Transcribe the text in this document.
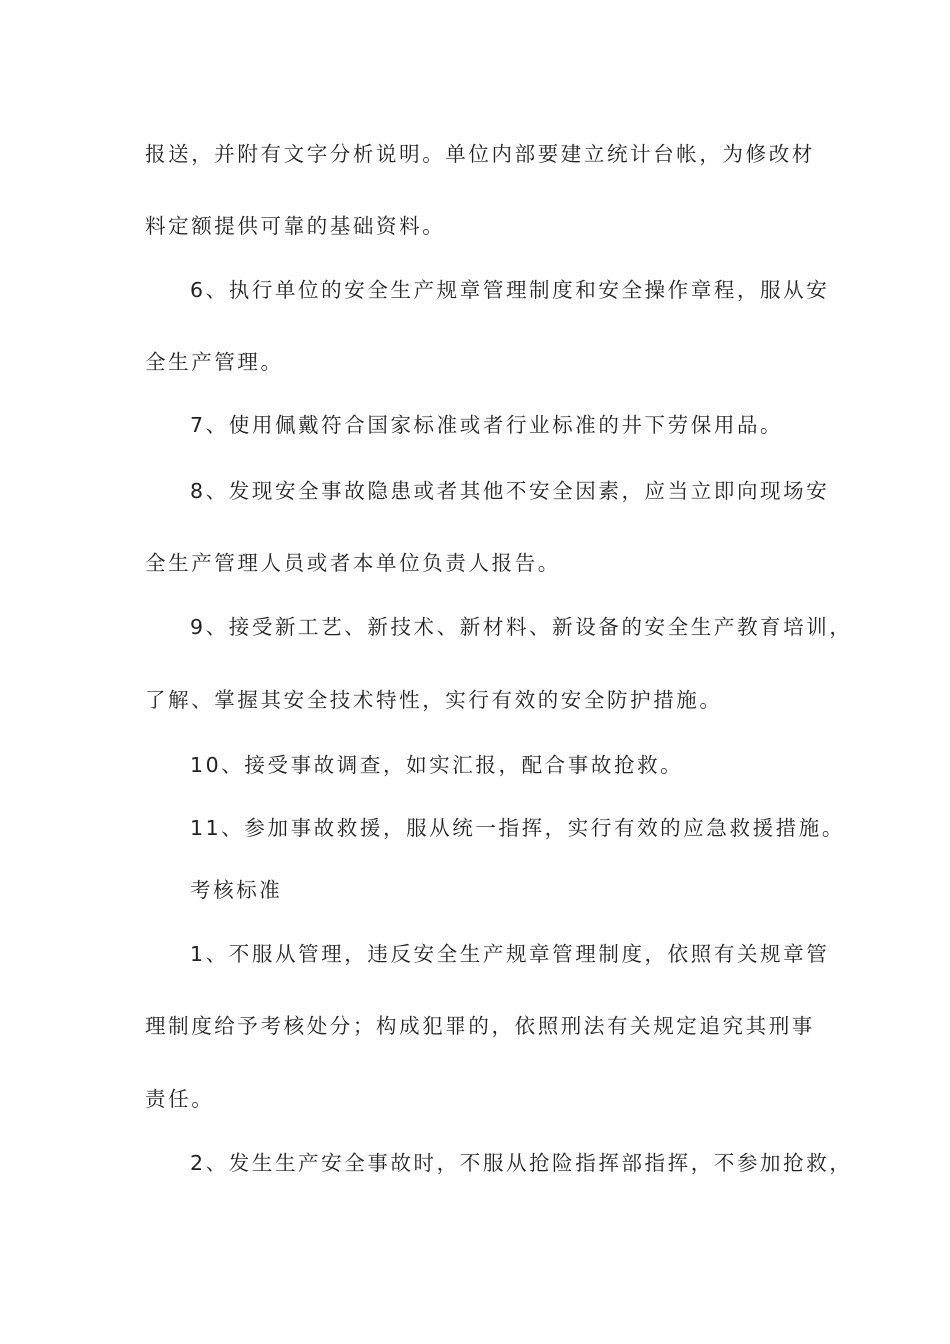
报送，并附有文字分析说明。单位内部要建立统计台帐，为修改材

料定额提供可靠的基础资料。

6、执行单位的安全生产规章管理制度和安全操作章程，服从安

全生产管理。

7、使用佩戴符合国家标准或者行业标准的井下劳保用品。

8、发现安全事故隐患或者其他不安全因素，应当立即向现场安

全生产管理人员或者本单位负责人报告。

9、接受新工艺、新技术、新材料、新设备的安全生产教育培训，

了解、掌握其安全技术特性，实行有效的安全防护措施。

10、接受事故调查，如实汇报，配合事故抢救。

11、参加事故救援，服从统一指挥，实行有效的应急救援措施。

考核标准

1、不服从管理，违反安全生产规章管理制度，依照有关规章管

理制度给予考核处分；构成犯罪的，依照刑法有关规定追究其刑事

责任。

2、发生生产安全事故时，不服从抢险指挥部指挥，不参加抢救，
